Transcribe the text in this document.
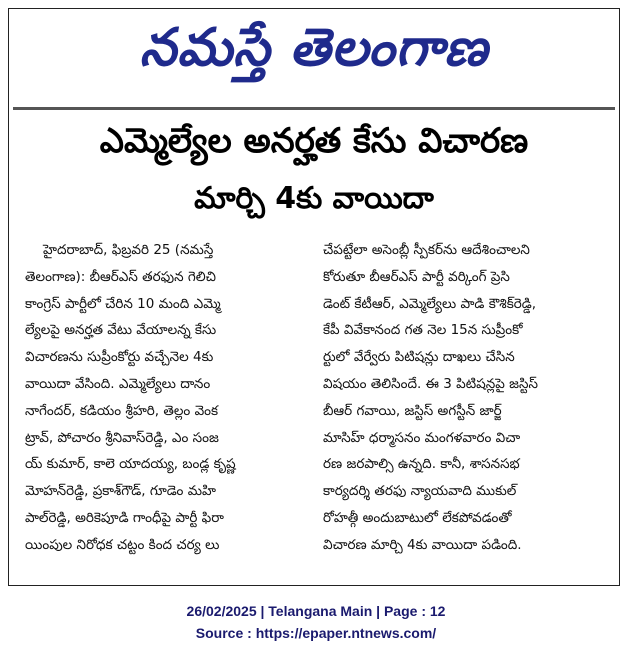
నమస్తే తెలంగాణ
ఎమ్మెల్యేల అనర్హత కేసు విచారణ
మార్చి 4కు వాయిదా
హైదరాబాద్, ఫిబ్రవరి 25 (నమస్తే
తెలంగాణ): బీఆర్‌ఎస్ తరఫున గెలిచి
కాంగ్రెస్ పార్టీలో చేరిన 10 మంది ఎమ్మె
ల్యేలపై అనర్హత వేటు వేయాలన్న కేసు
విచారణను సుప్రీంకోర్టు వచ్చేనెల 4కు
వాయిదా వేసింది. ఎమ్మెల్యేలు దానం
నాగేందర్, కడియం శ్రీహరి, తెల్లం వెంక
ట్రావ్, పోచారం శ్రీనివాస్‌రెడ్డి, ఎం సంజ
య్ కుమార్, కాలె యాదయ్య, బండ్ల కృష్ణ
మోహన్‌రెడ్డి, ప్రకాశ్‌గౌడ్, గూడెం మహి
పాల్‌రెడ్డి, అరికెపూడి గాంధీపై పార్టీ ఫిరా
యింపుల నిరోధక చట్టం కింద చర్య లు
చేపట్టేలా అసెంబ్లీ స్పీకర్‌ను ఆదేశించాలని
కోరుతూ బీఆర్‌ఎస్ పార్టీ వర్కింగ్ ప్రెసి
డెంట్ కేటీఆర్, ఎమ్మెల్యేలు పాడి కౌశిక్‌రెడ్డి,
కేపీ వివేకానంద గత నెల 15న సుప్రీంకో
ర్టులో వేర్వేరు పిటిషన్లు దాఖలు చేసిన
విషయం తెలిసిందే. ఈ 3 పిటిషన్లపై జస్టిస్
బీఆర్ గవాయి, జస్టిస్ అగస్టీన్ జార్జ్
మాసిహ్ ధర్మాసనం మంగళవారం విచా
రణ జరపాల్సి ఉన్నది. కానీ, శాసనసభ
కార్యదర్శి తరఫు న్యాయవాది ముకుల్
రోహత్గీ అందుబాటులో లేకపోవడంతో
విచారణ మార్చి 4కు వాయిదా పడింది.
26/02/2025 | Telangana Main | Page : 12
Source : https://epaper.ntnews.com/
